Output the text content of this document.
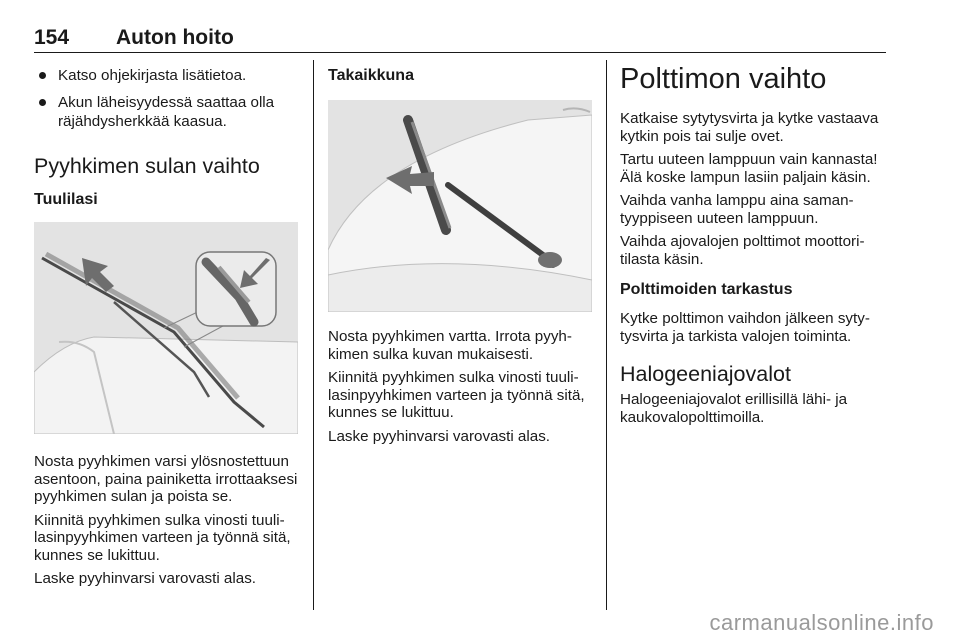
154 Auton hoito
Katso ohjekirjasta lisätietoa.
Akun läheisyydessä saattaa olla räjähdysherkkää kaasua.
Pyyhkimen sulan vaihto
Tuulilasi

Nosta pyyhkimen varsi ylösnostettuun asentoon, paina painiketta irrottaaksesi pyyhkimen sulan ja poista se.

Kiinnitä pyyhkimen sulka vinosti tuulilasinpyyhkimen varteen ja työnnä sitä, kunnes se lukittuu.

Laske pyyhinvarsi varovasti alas.

Takaikkuna

Nosta pyyhkimen vartta. Irrota pyyhkimen sulka kuvan mukaisesti.

Kiinnitä pyyhkimen sulka vinosti tuulilasinpyyhkimen varteen ja työnnä sitä, kunnes se lukittuu.

Laske pyyhinvarsi varovasti alas.

Polttimon vaihto

Katkaise sytytysvirta ja kytke vastaava kytkin pois tai sulje ovet.

Tartu uuteen lamppuun vain kannasta! Älä koske lampun lasiin paljain käsin.

Vaihda vanha lamppu aina samantyyppiseen uuteen lamppuun.

Vaihda ajovalojen polttimot moottoritilasta käsin.

Polttimoiden tarkastus

Kytke polttimon vaihdon jälkeen sytytysvirta ja tarkista valojen toiminta.

Halogeeniajovalot

Halogeeniajovalot erillisillä lähi- ja kaukovalopolttimoilla.

carmanualsonline.info
